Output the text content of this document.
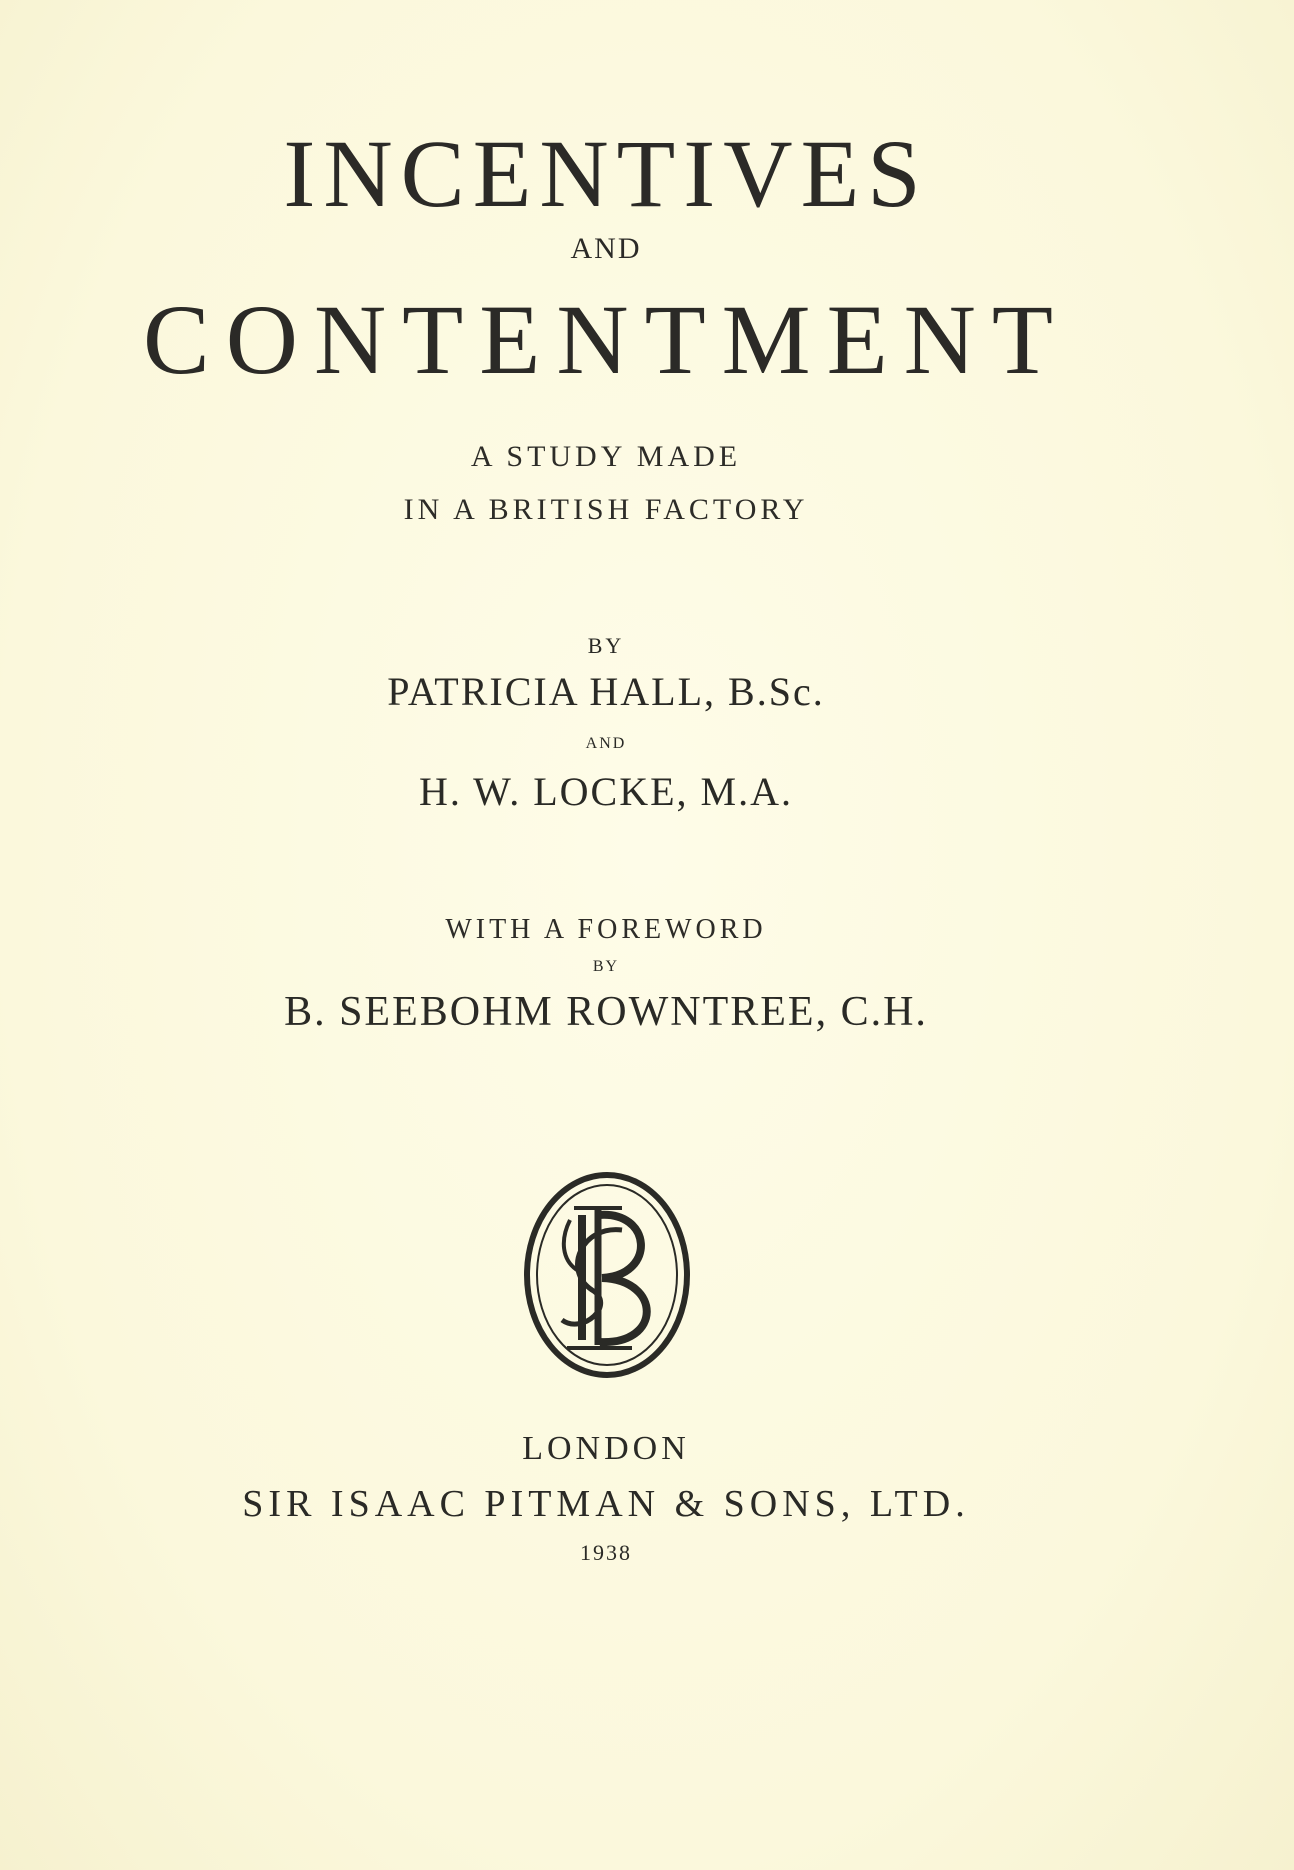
INCENTIVES
AND
CONTENTMENT
A STUDY MADE
IN A BRITISH FACTORY
BY
PATRICIA HALL, B.Sc.
AND
H. W. LOCKE, M.A.
WITH A FOREWORD
BY
B. SEEBOHM ROWNTREE, C.H.
LONDON
SIR ISAAC PITMAN & SONS, LTD.
1938
